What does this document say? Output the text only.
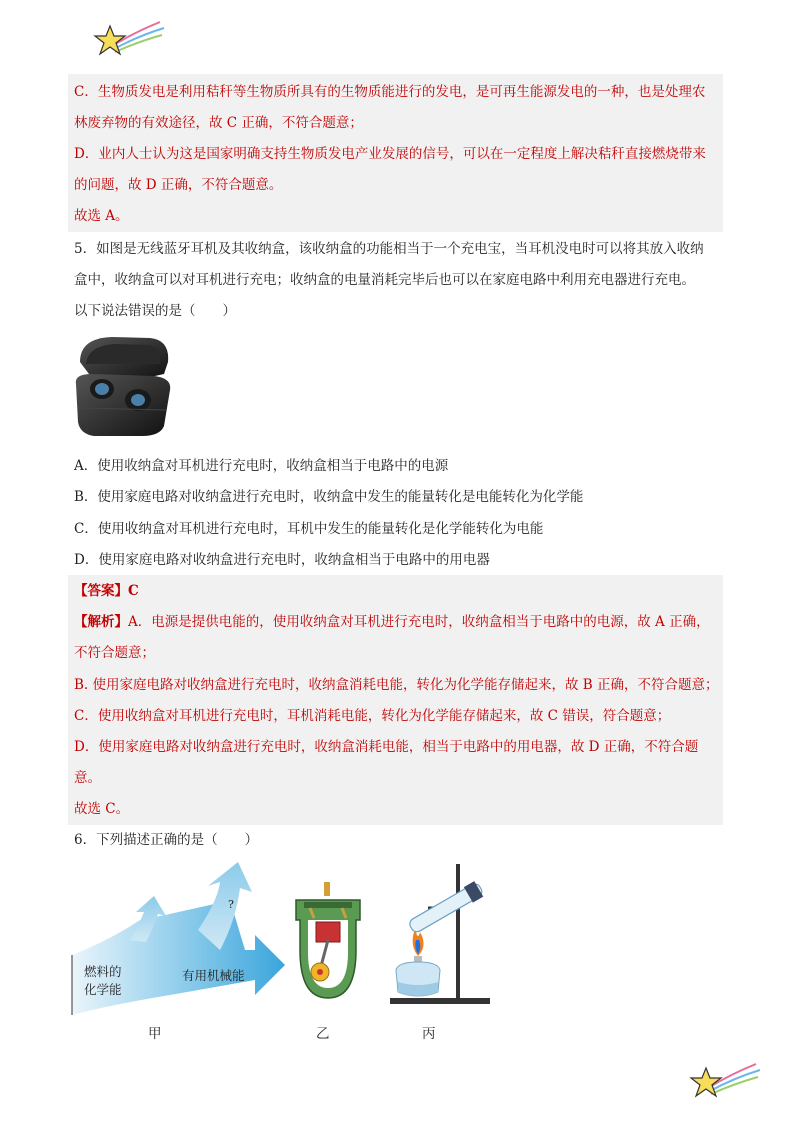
C．生物质发电是利用秸秆等生物质所具有的生物质能进行的发电，是可再生能源发电的一种，也是处理农
林废弃物的有效途径，故 C 正确，不符合题意；
D．业内人士认为这是国家明确支持生物质发电产业发展的信号，可以在一定程度上解决秸秆直接燃烧带来
的问题，故 D 正确，不符合题意。
故选 A。
5．如图是无线蓝牙耳机及其收纳盒，该收纳盒的功能相当于一个充电宝，当耳机没电时可以将其放入收纳
盒中，收纳盒可以对耳机进行充电；收纳盒的电量消耗完毕后也可以在家庭电路中利用充电器进行充电。
以下说法错误的是（　　）
A．使用收纳盒对耳机进行充电时，收纳盒相当于电路中的电源
B．使用家庭电路对收纳盒进行充电时，收纳盒中发生的能量转化是电能转化为化学能
C．使用收纳盒对耳机进行充电时，耳机中发生的能量转化是化学能转化为电能
D．使用家庭电路对收纳盒进行充电时，收纳盒相当于电路中的用电器
【答案】C
【解析】A．电源是提供电能的，使用收纳盒对耳机进行充电时，收纳盒相当于电路中的电源，故 A 正确，
不符合题意；
B. 使用家庭电路对收纳盒进行充电时，收纳盒消耗电能，转化为化学能存储起来，故 B 正确，不符合题意；
C．使用收纳盒对耳机进行充电时，耳机消耗电能，转化为化学能存储起来，故 C 错误，符合题意；
D．使用家庭电路对收纳盒进行充电时，收纳盒消耗电能，相当于电路中的用电器，故 D 正确，不符合题
意。
故选 C。
6．下列描述正确的是（　　）
燃料的
化学能
有用机械能
?
甲	乙	丙
